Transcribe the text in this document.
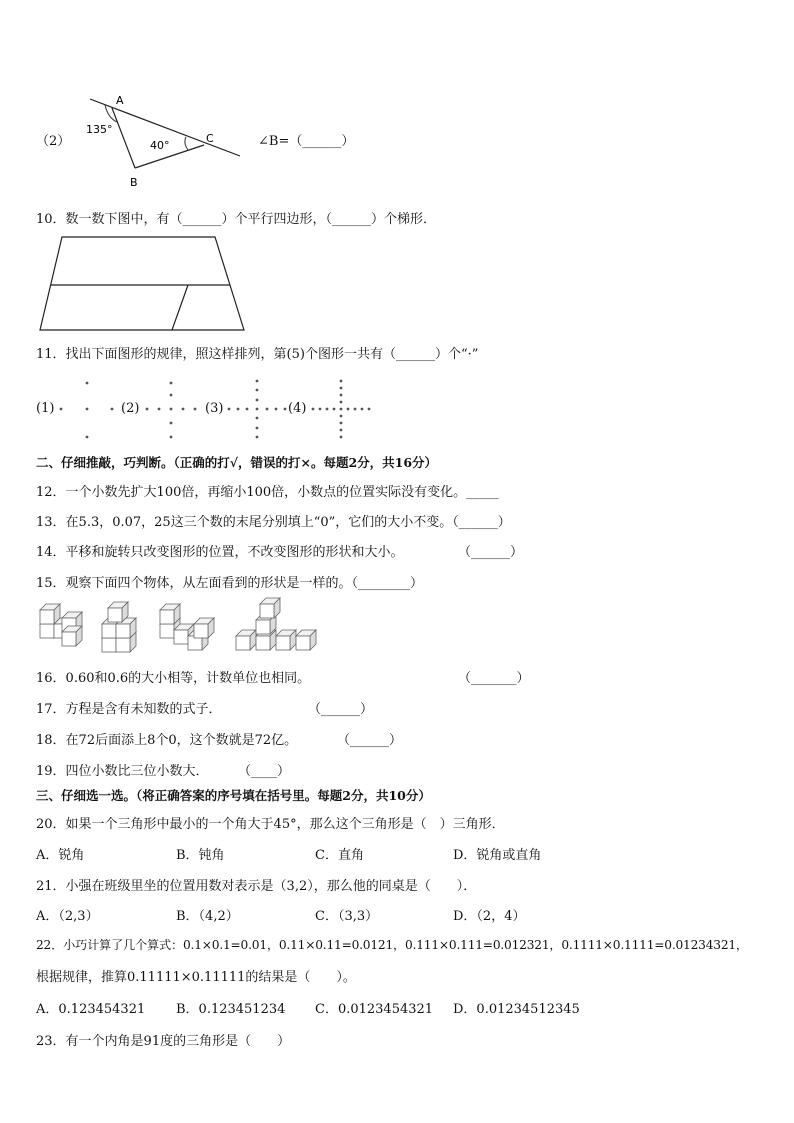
（2）
A
135°
40°
C
B
∠B=（______）
10．数一数下图中，有（______）个平行四边形，（______）个梯形．
11．找出下面图形的规律，照这样排列，第(5)个图形一共有（______）个“·”
(1)	(2)	(3)	(4)
二、仔细推敲，巧判断。（正确的打√，错误的打×。每题2分，共16分）
12．一个小数先扩大100倍，再缩小100倍，小数点的位置实际没有变化。_____
13．在5.3，0.07，25这三个数的末尾分别填上“0”，它们的大小不变。（______）
14．平移和旋转只改变图形的位置，不改变图形的形状和大小。	（______）
15．观察下面四个物体，从左面看到的形状是一样的。（________）
16．0.60和0.6的大小相等，计数单位也相同。	（_______）
17．方程是含有未知数的式子．	（______）
18．在72后面添上8个0，这个数就是72亿。	（______）
19．四位小数比三位小数大． （____）
三、仔细选一选。（将正确答案的序号填在括号里。每题2分，共10分）
20．如果一个三角形中最小的一个角大于45°，那么这个三角形是（　）三角形．
A．锐角	B．钝角	C．直角	D．锐角或直角
21．小强在班级里坐的位置用数对表示是（3,2），那么他的同桌是（　　）．
A．（2,3）	B．（4,2）	C．（3,3）	D．（2，4）
22．小巧计算了几个算式：0.1×0.1=0.01，0.11×0.11=0.0121，0.111×0.111=0.012321，0.1111×0.1111=0.01234321，
根据规律，推算0.11111×0.11111的结果是（　　）。
A．0.123454321 B．0.123451234 C．0.0123454321 D．0.01234512345
23．有一个内角是91度的三角形是（　　）
